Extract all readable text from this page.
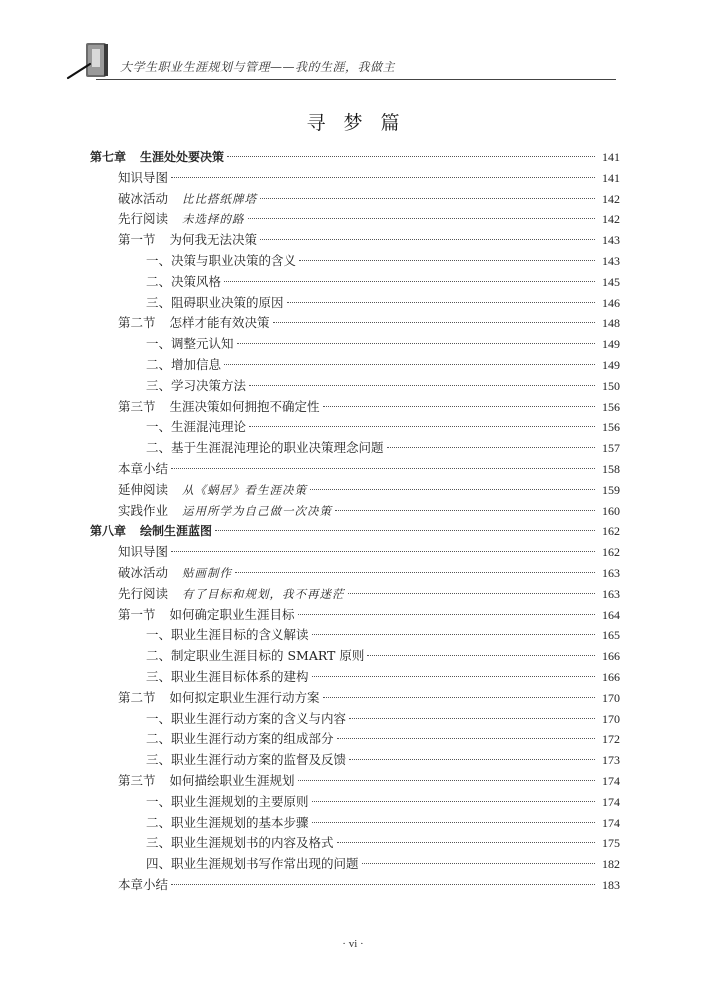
大学生职业生涯规划与管理——我的生涯，我做主
寻梦篇
第七章 生涯处处要决策	141
知识导图	141
破冰活动 比比搭纸牌塔	142
先行阅读 未选择的路	142
第一节 为何我无法决策	143
一、决策与职业决策的含义	143
二、决策风格	145
三、阻碍职业决策的原因	146
第二节 怎样才能有效决策	148
一、调整元认知	149
二、增加信息	149
三、学习决策方法	150
第三节 生涯决策如何拥抱不确定性	156
一、生涯混沌理论	156
二、基于生涯混沌理论的职业决策理念问题	157
本章小结	158
延伸阅读 从《蜗居》看生涯决策	159
实践作业 运用所学为自己做一次决策	160
第八章 绘制生涯蓝图	162
知识导图	162
破冰活动 贴画制作	163
先行阅读 有了目标和规划，我不再迷茫	163
第一节 如何确定职业生涯目标	164
一、职业生涯目标的含义解读	165
二、制定职业生涯目标的 SMART 原则	166
三、职业生涯目标体系的建构	166
第二节 如何拟定职业生涯行动方案	170
一、职业生涯行动方案的含义与内容	170
二、职业生涯行动方案的组成部分	172
三、职业生涯行动方案的监督及反馈	173
第三节 如何描绘职业生涯规划	174
一、职业生涯规划的主要原则	174
二、职业生涯规划的基本步骤	174
三、职业生涯规划书的内容及格式	175
四、职业生涯规划书写作常出现的问题	182
本章小结	183
· vi ·
